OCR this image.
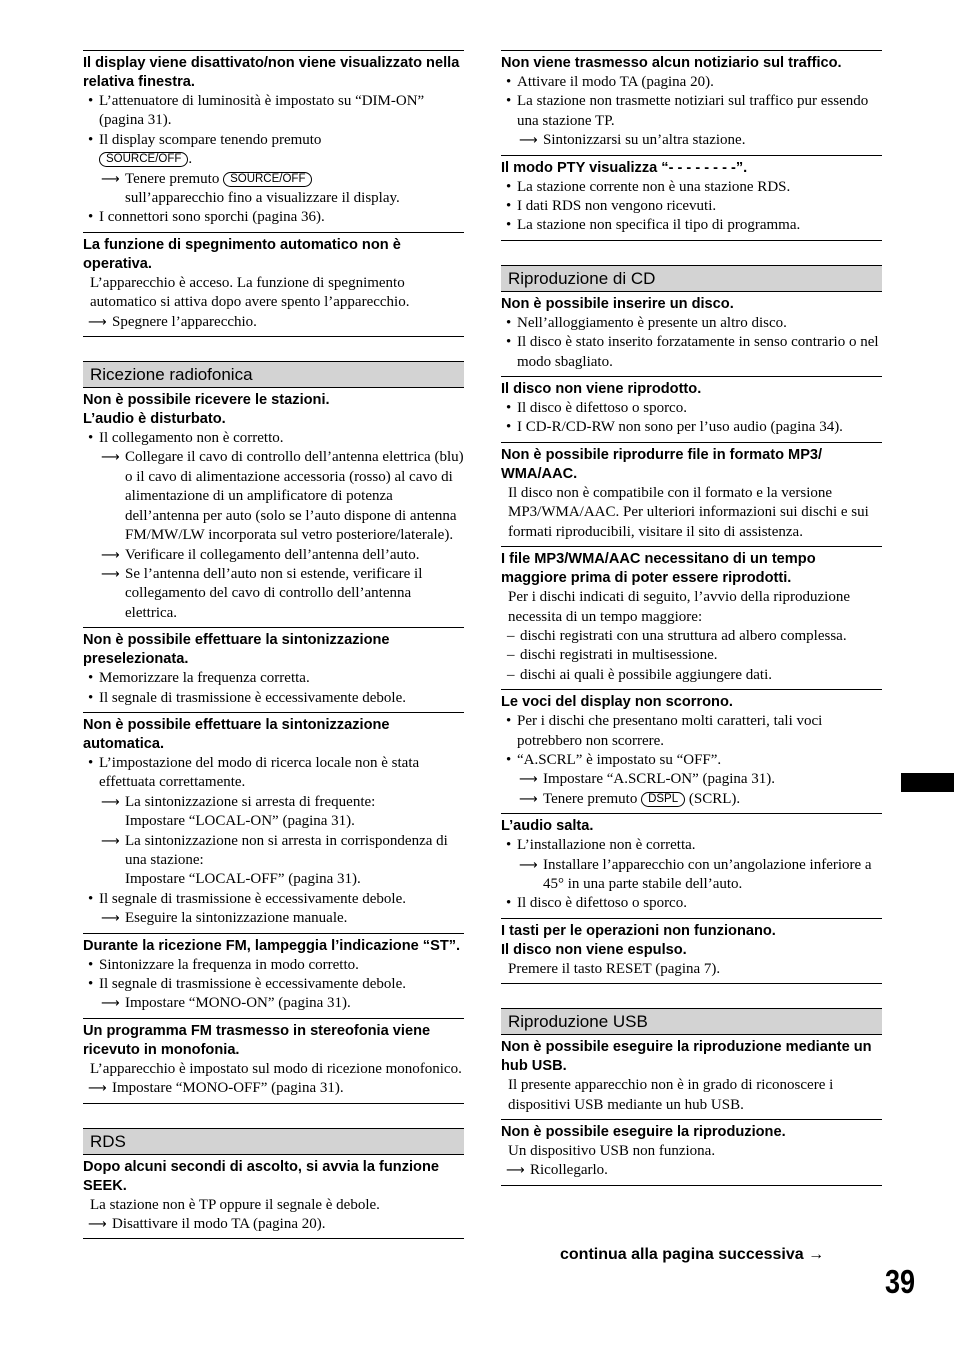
Il display viene disattivato/non viene visualizzato nella relativa finestra.
• L’attenuatore di luminosità è impostato su “DIM-ON” (pagina 31).
• Il display scompare tenendo premuto
SOURCE/OFF .
⟶ Tenere premuto SOURCE/OFF
sull’apparecchio fino a visualizzare il display.
• I connettori sono sporchi (pagina 36).
La funzione di spegnimento automatico non è operativa.
L’apparecchio è acceso. La funzione di spegnimento automatico si attiva dopo avere spento l’apparecchio.
⟶ Spegnere l’apparecchio.
Ricezione radiofonica
Non è possibile ricevere le stazioni.
L’audio è disturbato.
• Il collegamento non è corretto.
⟶ Collegare il cavo di controllo dell’antenna elettrica (blu) o il cavo di alimentazione accessoria (rosso) al cavo di alimentazione di un amplificatore di potenza dell’antenna per auto (solo se l’auto dispone di antenna FM/MW/LW incorporata sul vetro posteriore/laterale).
⟶ Verificare il collegamento dell’antenna dell’auto.
⟶ Se l’antenna dell’auto non si estende, verificare il collegamento del cavo di controllo dell’antenna elettrica.
Non è possibile effettuare la sintonizzazione preselezionata.
• Memorizzare la frequenza corretta.
• Il segnale di trasmissione è eccessivamente debole.
Non è possibile effettuare la sintonizzazione automatica.
• L’impostazione del modo di ricerca locale non è stata effettuata correttamente.
⟶ La sintonizzazione si arresta di frequente:
Impostare “LOCAL-ON” (pagina 31).
⟶ La sintonizzazione non si arresta in corrispondenza di una stazione:
Impostare “LOCAL-OFF” (pagina 31).
• Il segnale di trasmissione è eccessivamente debole.
⟶ Eseguire la sintonizzazione manuale.
Durante la ricezione FM, lampeggia l’indicazione “ST”.
• Sintonizzare la frequenza in modo corretto.
• Il segnale di trasmissione è eccessivamente debole.
⟶ Impostare “MONO-ON” (pagina 31).
Un programma FM trasmesso in stereofonia viene ricevuto in monofonia.
L’apparecchio è impostato sul modo di ricezione monofonico.
⟶ Impostare “MONO-OFF” (pagina 31).
RDS
Dopo alcuni secondi di ascolto, si avvia la funzione SEEK.
La stazione non è TP oppure il segnale è debole.
⟶ Disattivare il modo TA (pagina 20).
Non viene trasmesso alcun notiziario sul traffico.
• Attivare il modo TA (pagina 20).
• La stazione non trasmette notiziari sul traffico pur essendo una stazione TP.
⟶ Sintonizzarsi su un’altra stazione.
Il modo PTY visualizza “- - - - - - - -”.
• La stazione corrente non è una stazione RDS.
• I dati RDS non vengono ricevuti.
• La stazione non specifica il tipo di programma.
Riproduzione di CD
Non è possibile inserire un disco.
• Nell’alloggiamento è presente un altro disco.
• Il disco è stato inserito forzatamente in senso contrario o nel modo sbagliato.
Il disco non viene riprodotto.
• Il disco è difettoso o sporco.
• I CD-R/CD-RW non sono per l’uso audio (pagina 34).
Non è possibile riprodurre file in formato MP3/ WMA/AAC.
Il disco non è compatibile con il formato e la versione MP3/WMA/AAC. Per ulteriori informazioni sui dischi e sui formati riproducibili, visitare il sito di assistenza.
I file MP3/WMA/AAC necessitano di un tempo maggiore prima di poter essere riprodotti.
Per i dischi indicati di seguito, l’avvio della riproduzione necessita di un tempo maggiore:
– dischi registrati con una struttura ad albero complessa.
– dischi registrati in multisessione.
– dischi ai quali è possibile aggiungere dati.
Le voci del display non scorrono.
• Per i dischi che presentano molti caratteri, tali voci potrebbero non scorrere.
• “A.SCRL” è impostato su “OFF”.
⟶ Impostare “A.SCRL-ON” (pagina 31).
⟶ Tenere premuto DSPL (SCRL).
L’audio salta.
• L’installazione non è corretta.
⟶ Installare l’apparecchio con un’angolazione inferiore a 45° in una parte stabile dell’auto.
• Il disco è difettoso o sporco.
I tasti per le operazioni non funzionano.
Il disco non viene espulso.
Premere il tasto RESET (pagina 7).
Riproduzione USB
Non è possibile eseguire la riproduzione mediante un hub USB.
Il presente apparecchio non è in grado di riconoscere i dispositivi USB mediante un hub USB.
Non è possibile eseguire la riproduzione.
Un dispositivo USB non funziona.
⟶ Ricollegarlo.
continua alla pagina successiva →
39
